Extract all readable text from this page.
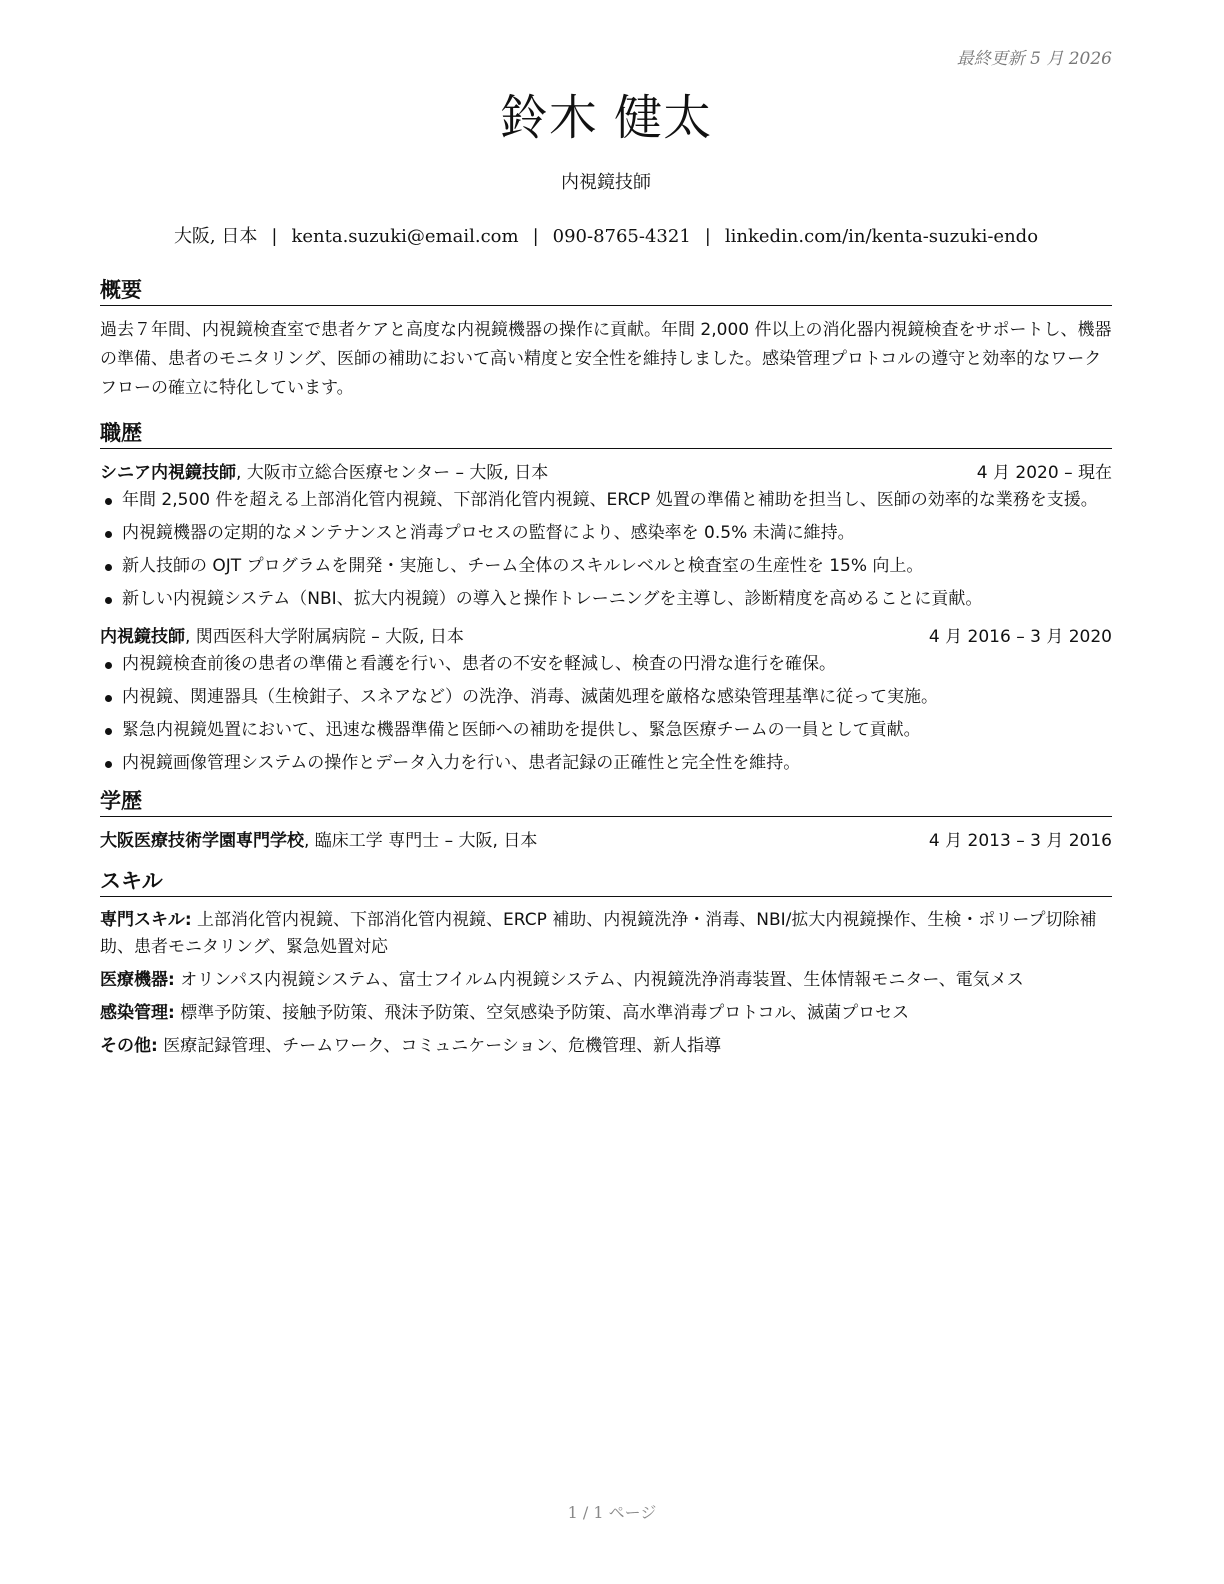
最終更新 5 月 2026
鈴木 健太
内視鏡技師
大阪, 日本 | kenta.suzuki@email.com | 090-8765-4321 | linkedin.com/in/kenta-suzuki-endo
概要
過去７年間、内視鏡検査室で患者ケアと高度な内視鏡機器の操作に貢献。年間 2,000 件以上の消化器内視鏡検査をサポートし、機器の準備、患者のモニタリング、医師の補助において高い精度と安全性を維持しました。感染管理プロトコルの遵守と効率的なワークフローの確立に特化しています。
職歴
シニア内視鏡技師, 大阪市立総合医療センター – 大阪, 日本	4 月 2020 – 現在
年間 2,500 件を超える上部消化管内視鏡、下部消化管内視鏡、ERCP 処置の準備と補助を担当し、医師の効率的な業務を支援。
内視鏡機器の定期的なメンテナンスと消毒プロセスの監督により、感染率を 0.5% 未満に維持。
新人技師の OJT プログラムを開発・実施し、チーム全体のスキルレベルと検査室の生産性を 15% 向上。
新しい内視鏡システム（NBI、拡大内視鏡）の導入と操作トレーニングを主導し、診断精度を高めることに貢献。
内視鏡技師, 関西医科大学附属病院 – 大阪, 日本	4 月 2016 – 3 月 2020
内視鏡検査前後の患者の準備と看護を行い、患者の不安を軽減し、検査の円滑な進行を確保。
内視鏡、関連器具（生検鉗子、スネアなど）の洗浄、消毒、滅菌処理を厳格な感染管理基準に従って実施。
緊急内視鏡処置において、迅速な機器準備と医師への補助を提供し、緊急医療チームの一員として貢献。
内視鏡画像管理システムの操作とデータ入力を行い、患者記録の正確性と完全性を維持。
学歴
大阪医療技術学園専門学校, 臨床工学 専門士 – 大阪, 日本	4 月 2013 – 3 月 2016
スキル
専門スキル: 上部消化管内視鏡、下部消化管内視鏡、ERCP 補助、内視鏡洗浄・消毒、NBI/拡大内視鏡操作、生検・ポリープ切除補助、患者モニタリング、緊急処置対応
医療機器: オリンパス内視鏡システム、富士フイルム内視鏡システム、内視鏡洗浄消毒装置、生体情報モニター、電気メス
感染管理: 標準予防策、接触予防策、飛沫予防策、空気感染予防策、高水準消毒プロトコル、滅菌プロセス
その他: 医療記録管理、チームワーク、コミュニケーション、危機管理、新人指導
1 / 1 ページ
